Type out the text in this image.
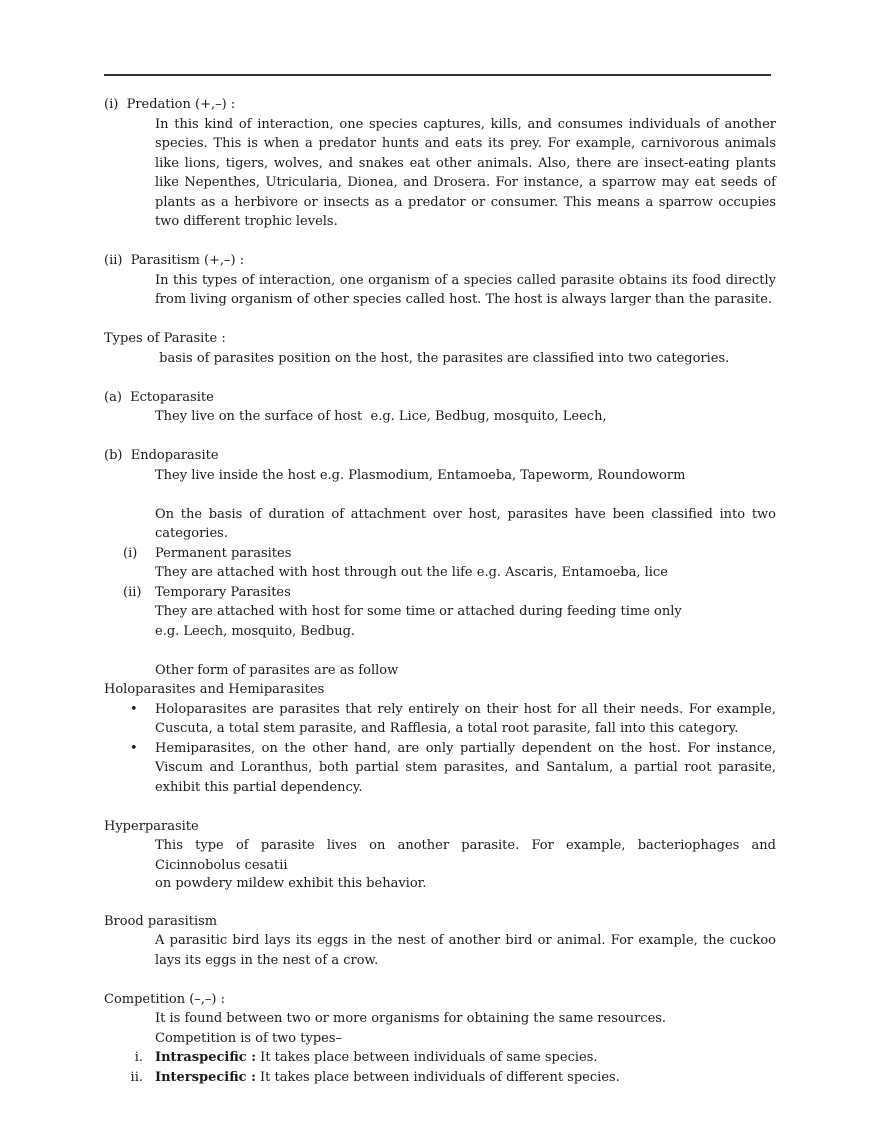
(i)  Predation (+,–) :
In this kind of interaction, one species captures, kills, and consumes individuals of another species. This is when a predator hunts and eats its prey. For example, carnivorous animals like lions, tigers, wolves, and snakes eat other animals. Also, there are insect-eating plants like Nepenthes, Utricularia, Dionea, and Drosera. For instance, a sparrow may eat seeds of plants as a herbivore or insects as a predator or consumer. This means a sparrow occupies two different trophic levels.
(ii)  Parasitism (+,–) :
In this types of interaction, one organism of a species called parasite obtains its food directly from living organism of other species called host. The host is always larger than the parasite.
Types of Parasite :
basis of parasites position on the host, the parasites are classified into two categories.
(a)  Ectoparasite
They live on the surface of host  e.g. Lice, Bedbug, mosquito, Leech,
(b)  Endoparasite
They live inside the host e.g. Plasmodium, Entamoeba, Tapeworm, Roundoworm
On the basis of duration of attachment over host, parasites have been classified into two categories.
(i)	Permanent parasites
They are attached with host through out the life e.g. Ascaris, Entamoeba, lice
(ii)	Temporary Parasites
They are attached with host for some time or attached during feeding time only
e.g. Leech, mosquito, Bedbug.
Other form of parasites are as follow
Holoparasites and Hemiparasites
• Holoparasites are parasites that rely entirely on their host for all their needs. For example, Cuscuta, a total stem parasite, and Rafflesia, a total root parasite, fall into this category.
• Hemiparasites, on the other hand, are only partially dependent on the host. For instance, Viscum and Loranthus, both partial stem parasites, and Santalum, a partial root parasite, exhibit this partial dependency.
Hyperparasite
This type of parasite lives on another parasite. For example, bacteriophages and Cicinnobolus cesatii
on powdery mildew exhibit this behavior.
Brood parasitism
A parasitic bird lays its eggs in the nest of another bird or animal. For example, the cuckoo lays its eggs in the nest of a crow.
Competition (–,–) :
It is found between two or more organisms for obtaining the same resources.
Competition is of two types–
i. Intraspecific : It takes place between individuals of same species.
ii. Interspecific : It takes place between individuals of different species.
